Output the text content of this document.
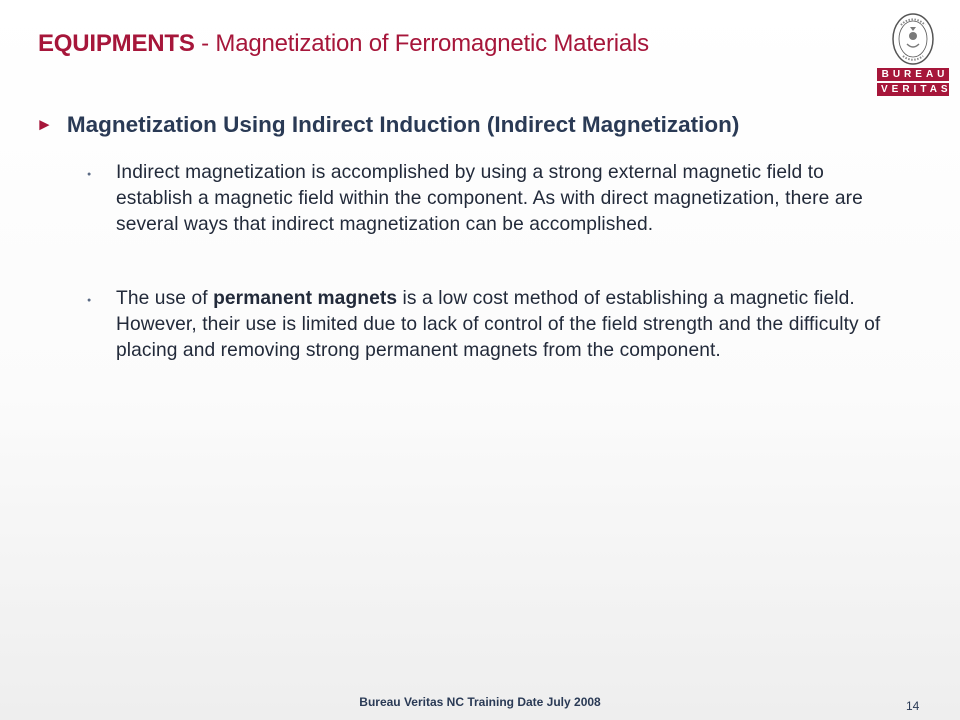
EQUIPMENTS - Magnetization of Ferromagnetic Materials
BUREAU
VERITAS
► Magnetization Using Indirect Induction (Indirect Magnetization)
●	Indirect magnetization is accomplished by using a strong external magnetic field to establish a magnetic field within the component. As with direct magnetization, there are several ways that indirect magnetization can be accomplished.
●	The use of permanent magnets is a low cost method of establishing a magnetic field. However, their use is limited due to lack of control of the field strength and the difficulty of placing and removing strong permanent magnets from the component.
Bureau Veritas NC Training Date July 2008	14
